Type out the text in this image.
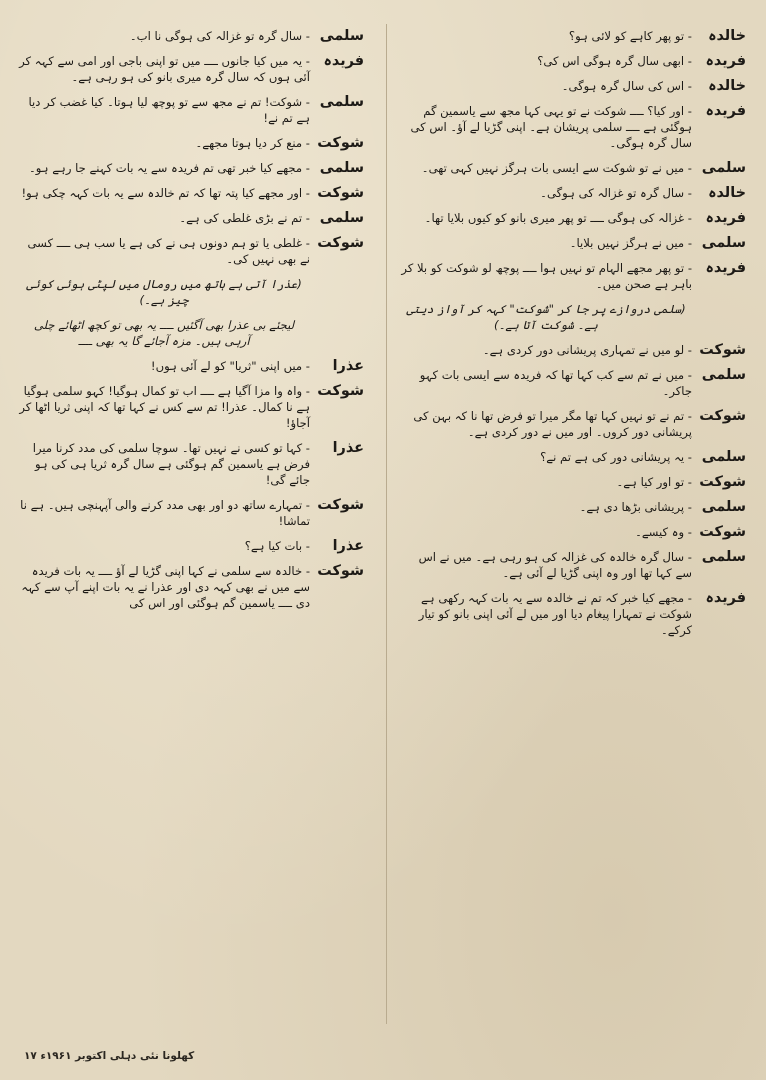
خالدہ
- تو پھر کاہے کو لائی ہو؟
فریدہ
- ابھی سال گرہ ہوگی اس کی؟
خالدہ
- اس کی سال گرہ ہوگی۔
فریدہ
- اور کیا؟ ــــ شوکت نے تو یہی کہا مجھ سے یاسمین گم ہوگئی ہے ــــ سلمی پریشان ہے۔ اپنی گڑیا لے آؤ۔ اس کی سال گرہ ہوگی۔
سلمی
- میں نے تو شوکت سے ایسی بات ہرگز نہیں کہی تھی۔
خالدہ
- سال گرہ تو غزالہ کی ہوگی۔
فریدہ
- غزالہ کی ہوگی ــــ تو پھر میری بانو کو کیوں بلایا تھا۔
سلمی
- میں نے ہرگز نہیں بلایا۔
فریدہ
- تو پھر مجھے الہام تو نہیں ہوا ــــ پوچھ لو شوکت کو بلا کر باہر ہے صحن میں۔
(سلمی دروازے پر جا کر "شوکت" کہہ کر آواز دیتی ہے۔ شوکت آتا ہے۔)
شوکت
- لو میں نے تمہاری پریشانی دور کردی ہے۔
سلمی
- میں نے تم سے کب کہا تھا کہ فریدہ سے ایسی بات کہو جاکر۔
شوکت
- تم نے تو نہیں کہا تھا مگر میرا تو فرض تھا نا کہ بہن کی پریشانی دور کروں۔ اور میں نے دور کردی ہے۔
سلمی
- یہ پریشانی دور کی ہے تم نے؟
شوکت
- تو اور کیا ہے۔
سلمی
- پریشانی بڑھا دی ہے۔
شوکت
- وہ کیسے۔
سلمی
- سال گرہ خالدہ کی غزالہ کی ہو رہی ہے۔ میں نے اس سے کہا تھا اور وہ اپنی گڑیا لے آئی ہے۔
فریدہ
- مجھے کیا خبر کہ تم نے خالدہ سے یہ بات کہہ رکھی ہے شوکت نے تمہارا پیغام دیا اور میں لے آئی اپنی بانو کو تیار کرکے۔
سلمی
- سال گرہ تو غزالہ کی ہوگی نا اب۔
فریدہ
- یہ میں کیا جانوں ــــ میں تو اپنی باجی اور امی سے کہہ کر آئی ہوں کہ سال گرہ میری بانو کی ہو رہی ہے۔
سلمی
- شوکت! تم نے مجھ سے تو پوچھ لیا ہوتا۔ کیا غضب کر دیا ہے تم نے!
شوکت
- منع کر دیا ہوتا مجھے۔
سلمی
- مجھے کیا خبر تھی تم فریدہ سے یہ بات کہنے جا رہے ہو۔
شوکت
- اور مجھے کیا پتہ تھا کہ تم خالدہ سے یہ بات کہہ چکی ہو!
سلمی
- تم نے بڑی غلطی کی ہے۔
شوکت
- غلطی یا تو ہم دونوں ہی نے کی ہے یا سب ہی ــــ کسی نے بھی نہیں کی۔
(عذرا آتی ہے ہاتھ میں رومال میں لپٹی ہوئی کوئی چیز ہے۔)
لیجئے بی عذرا بھی آگئیں ــــ یہ بھی تو کچھ اٹھائے چلی آرہی ہیں۔ مزہ آجائے گا یہ بھی ــــ
عذرا
- میں اپنی "ثریا" کو لے آئی ہوں!
شوکت
- واہ وا مزا آگیا ہے ــــ اب تو کمال ہوگیا! کہو سلمی ہوگیا ہے نا کمال۔ عذرا! تم سے کس نے کہا تھا کہ اپنی ثریا اٹھا کر آجاؤ!
عذرا
- کہا تو کسی نے نہیں تھا۔ سوچا سلمی کی مدد کرنا میرا فرض ہے یاسمین گم ہوگئی ہے سال گرہ ثریا ہی کی ہو جائے گی!
شوکت
- تمہارے ساتھ دو اور بھی مدد کرنے والی آپہنچی ہیں۔ ہے نا تماشا!
عذرا
- بات کیا ہے؟
شوکت
- خالدہ سے سلمی نے کہا اپنی گڑیا لے آؤ ــــ یہ بات فریدہ سے میں نے بھی کہہ دی اور عذرا نے یہ بات اپنے آپ سے کہہ دی ــــ یاسمین گم ہوگئی اور اس کی
کھلونا نئی دہلی اکتوبر ۱۹۶۱ء ۱۷
